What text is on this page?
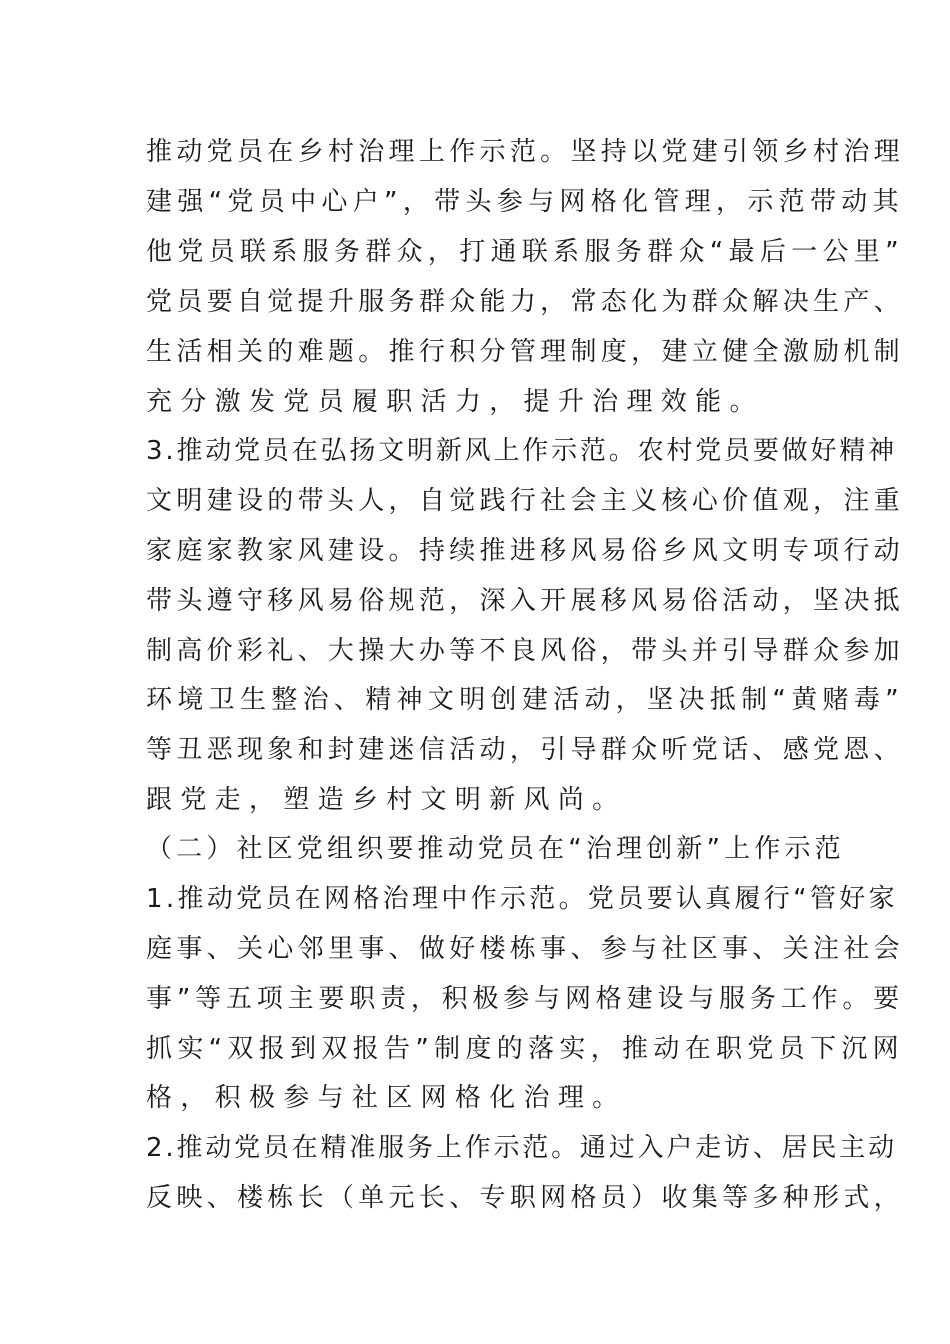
推动党员在乡村治理上作示范。坚持以党建引领乡村治理

建强“党员中心户”，带头参与网格化管理，示范带动其

他党员联系服务群众，打通联系服务群众“最后一公里”

党员要自觉提升服务群众能力，常态化为群众解决生产、

生活相关的难题。推行积分管理制度，建立健全激励机制

充分激发党员履职活力，提升治理效能。

3.推动党员在弘扬文明新风上作示范。农村党员要做好精神

文明建设的带头人，自觉践行社会主义核心价值观，注重

家庭家教家风建设。持续推进移风易俗乡风文明专项行动

带头遵守移风易俗规范，深入开展移风易俗活动，坚决抵

制高价彩礼、大操大办等不良风俗，带头并引导群众参加

环境卫生整治、精神文明创建活动，坚决抵制“黄赌毒”

等丑恶现象和封建迷信活动，引导群众听党话、感党恩、

跟党走，塑造乡村文明新风尚。

（二）社区党组织要推动党员在“治理创新”上作示范

1.推动党员在网格治理中作示范。党员要认真履行“管好家

庭事、关心邻里事、做好楼栋事、参与社区事、关注社会

事”等五项主要职责，积极参与网格建设与服务工作。要

抓实“双报到双报告”制度的落实，推动在职党员下沉网

格，积极参与社区网格化治理。

2.推动党员在精准服务上作示范。通过入户走访、居民主动

反映、楼栋长（单元长、专职网格员）收集等多种形式，
